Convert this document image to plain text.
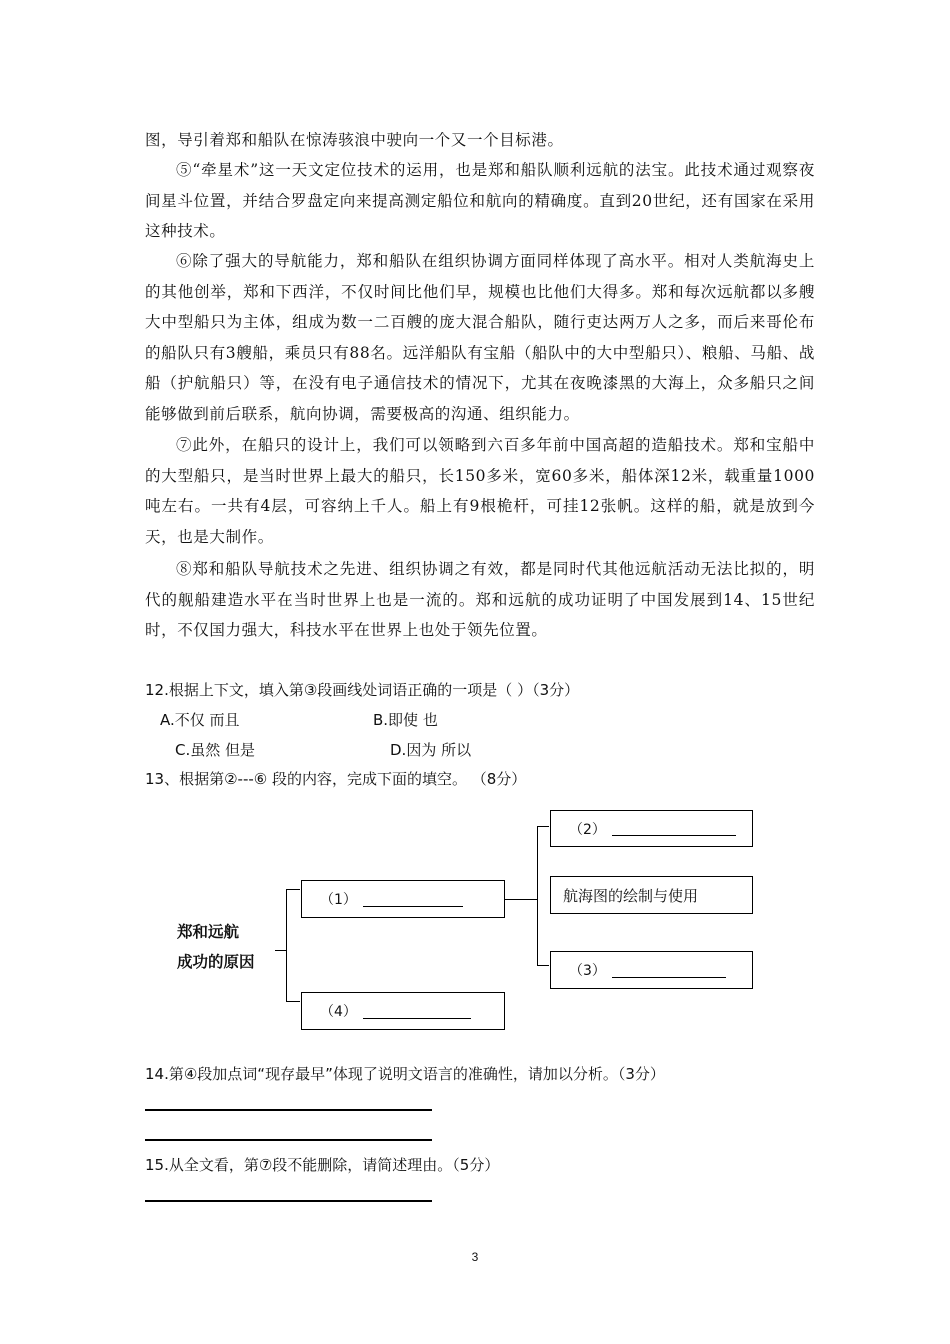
图，导引着郑和船队在惊涛骇浪中驶向一个又一个目标港。
⑤“牵星术”这一天文定位技术的运用，也是郑和船队顺利远航的法宝。此技术通过观察夜间星斗位置，并结合罗盘定向来提高测定船位和航向的精确度。直到20世纪，还有国家在采用这种技术。
⑥除了强大的导航能力，郑和船队在组织协调方面同样体现了高水平。相对人类航海史上的其他创举，郑和下西洋，不仅时间比他们早，规模也比他们大得多。郑和每次远航都以多艘大中型船只为主体，组成为数一二百艘的庞大混合船队，随行吏达两万人之多，而后来哥伦布的船队只有3艘船，乘员只有88名。远洋船队有宝船（船队中的大中型船只）、粮船、马船、战船（护航船只）等，在没有电子通信技术的情况下，尤其在夜晚漆黑的大海上，众多船只之间能够做到前后联系，航向协调，需要极高的沟通、组织能力。
⑦此外，在船只的设计上，我们可以领略到六百多年前中国高超的造船技术。郑和宝船中的大型船只，是当时世界上最大的船只，长150多米，宽60多米，船体深12米，载重量1000吨左右。一共有4层，可容纳上千人。船上有9根桅杆，可挂12张帆。这样的船，就是放到今天，也是大制作。
⑧郑和船队导航技术之先进、组织协调之有效，都是同时代其他远航活动无法比拟的，明代的舰船建造水平在当时世界上也是一流的。郑和远航的成功证明了中国发展到14、15世纪时，不仅国力强大，科技水平在世界上也处于领先位置。
12.根据上下文，填入第③段画线处词语正确的一项是（ ）（3分）
A.不仅 而且	B.即使 也
C.虽然 但是	D.因为 所以
13、根据第②---⑥ 段的内容，完成下面的填空。 （8分）
郑和远航
成功的原因
（1）
（4）
（2）
航海图的绘制与使用
（3）
14.第④段加点词“现存最早”体现了说明文语言的准确性，请加以分析。（3分）
15.从全文看，第⑦段不能删除，请简述理由。（5分）
3
